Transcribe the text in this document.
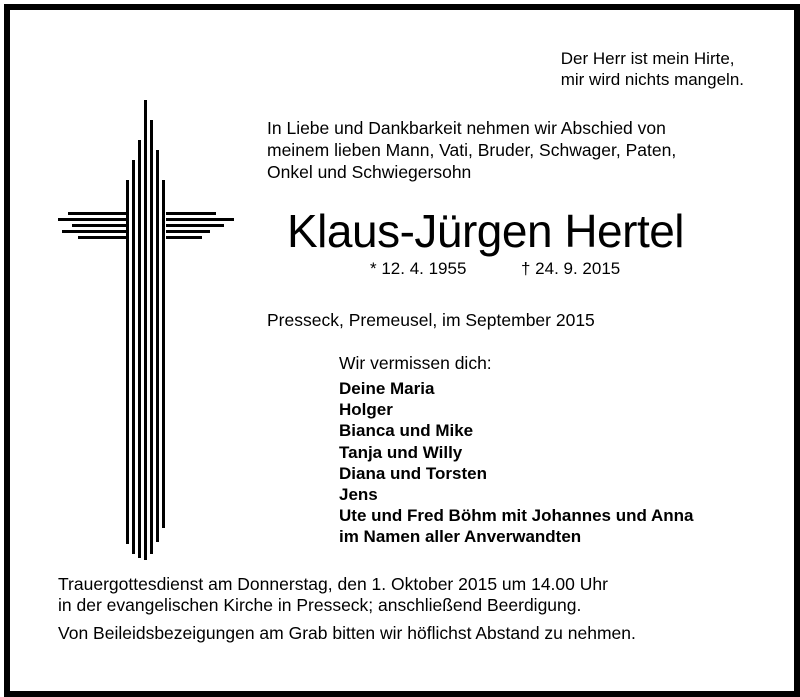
Der Herr ist mein Hirte,
mir wird nichts mangeln.

In Liebe und Dankbarkeit nehmen wir Abschied von
meinem lieben Mann, Vati, Bruder, Schwager, Paten,
Onkel und Schwiegersohn

Klaus-Jürgen Hertel
* 12. 4. 1955	† 24. 9. 2015

Presseck, Premeusel, im September 2015

Wir vermissen dich:

Deine Maria
Holger
Bianca und Mike
Tanja und Willy
Diana und Torsten
Jens
Ute und Fred Böhm mit Johannes und Anna
im Namen aller Anverwandten

Trauergottesdienst am Donnerstag, den 1. Oktober 2015 um 14.00 Uhr
in der evangelischen Kirche in Presseck; anschließend Beerdigung.

Von Beileidsbezeigungen am Grab bitten wir höflichst Abstand zu nehmen.
